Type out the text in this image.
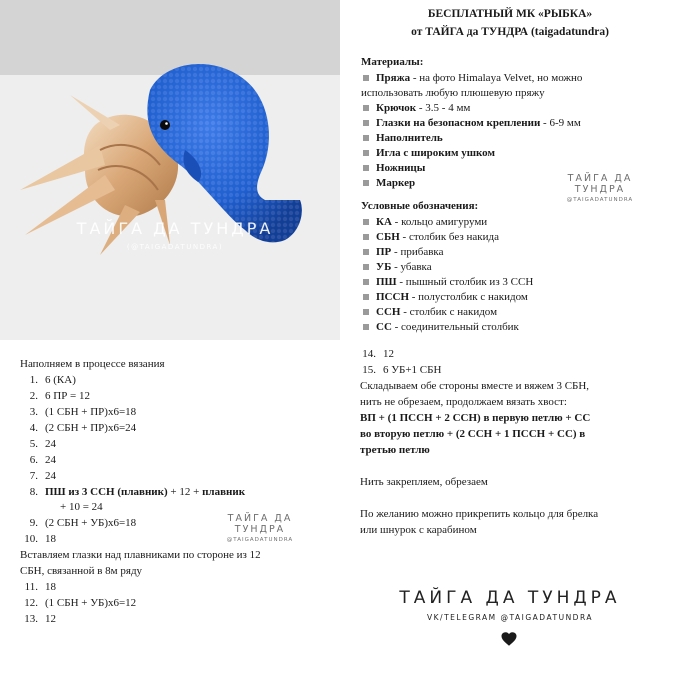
ТАЙГА ДА ТУНДРА
(@TAIGADATUNDRA)
БЕСПЛАТНЫЙ МК «РЫБКА»
от ТАЙГА да ТУНДРА (taigadatundra)
Материалы:
Пряжа - на фото Himalaya Velvet, но можно
использовать любую плюшевую пряжу
Крючок - 3.5 - 4 мм
Глазки на безопасном креплении - 6-9 мм
Наполнитель
Игла с широким ушком
Ножницы
Маркер	ТАЙГА ДА ТУНДРА
@TAIGADATUNDRA
Условные обозначения:
КА - кольцо амигуруми
СБН - столбик без накида
ПР - прибавка
УБ - убавка
ПШ - пышный столбик из 3 ССН
ПССН - полустолбик с накидом
ССН - столбик с накидом
СС - соединительный столбик
Наполняем в процессе вязания
1. 6 (КА)
2. 6 ПР = 12
3. (1 СБН + ПР)х6=18
4. (2 СБН + ПР)х6=24
5. 24
6. 24
7. 24
8. ПШ из 3 ССН (плавник) + 12 + плавник
+ 10 = 24
9. (2 СБН + УБ)х6=18
10. 18
ТАЙГА ДА ТУНДРА
@TAIGADATUNDRA
Вставляем глазки над плавниками по стороне из 12
СБН, связанной в 8м ряду
11. 18
12. (1 СБН + УБ)х6=12
13. 12
14. 12
15. 6 УБ+1 СБН
Складываем обе стороны вместе и вяжем 3 СБН,
нить не обрезаем, продолжаем вязать хвост:
ВП + (1 ПССН + 2 ССН) в первую петлю + СС
во вторую петлю + (2 ССН + 1 ПССН + СС) в
третью петлю
Нить закрепляем, обрезаем
По желанию можно прикрепить кольцо для брелка
или шнурок с карабином
ТАЙГА ДА ТУНДРА
VK/TELEGRAM @TAIGADATUNDRA
